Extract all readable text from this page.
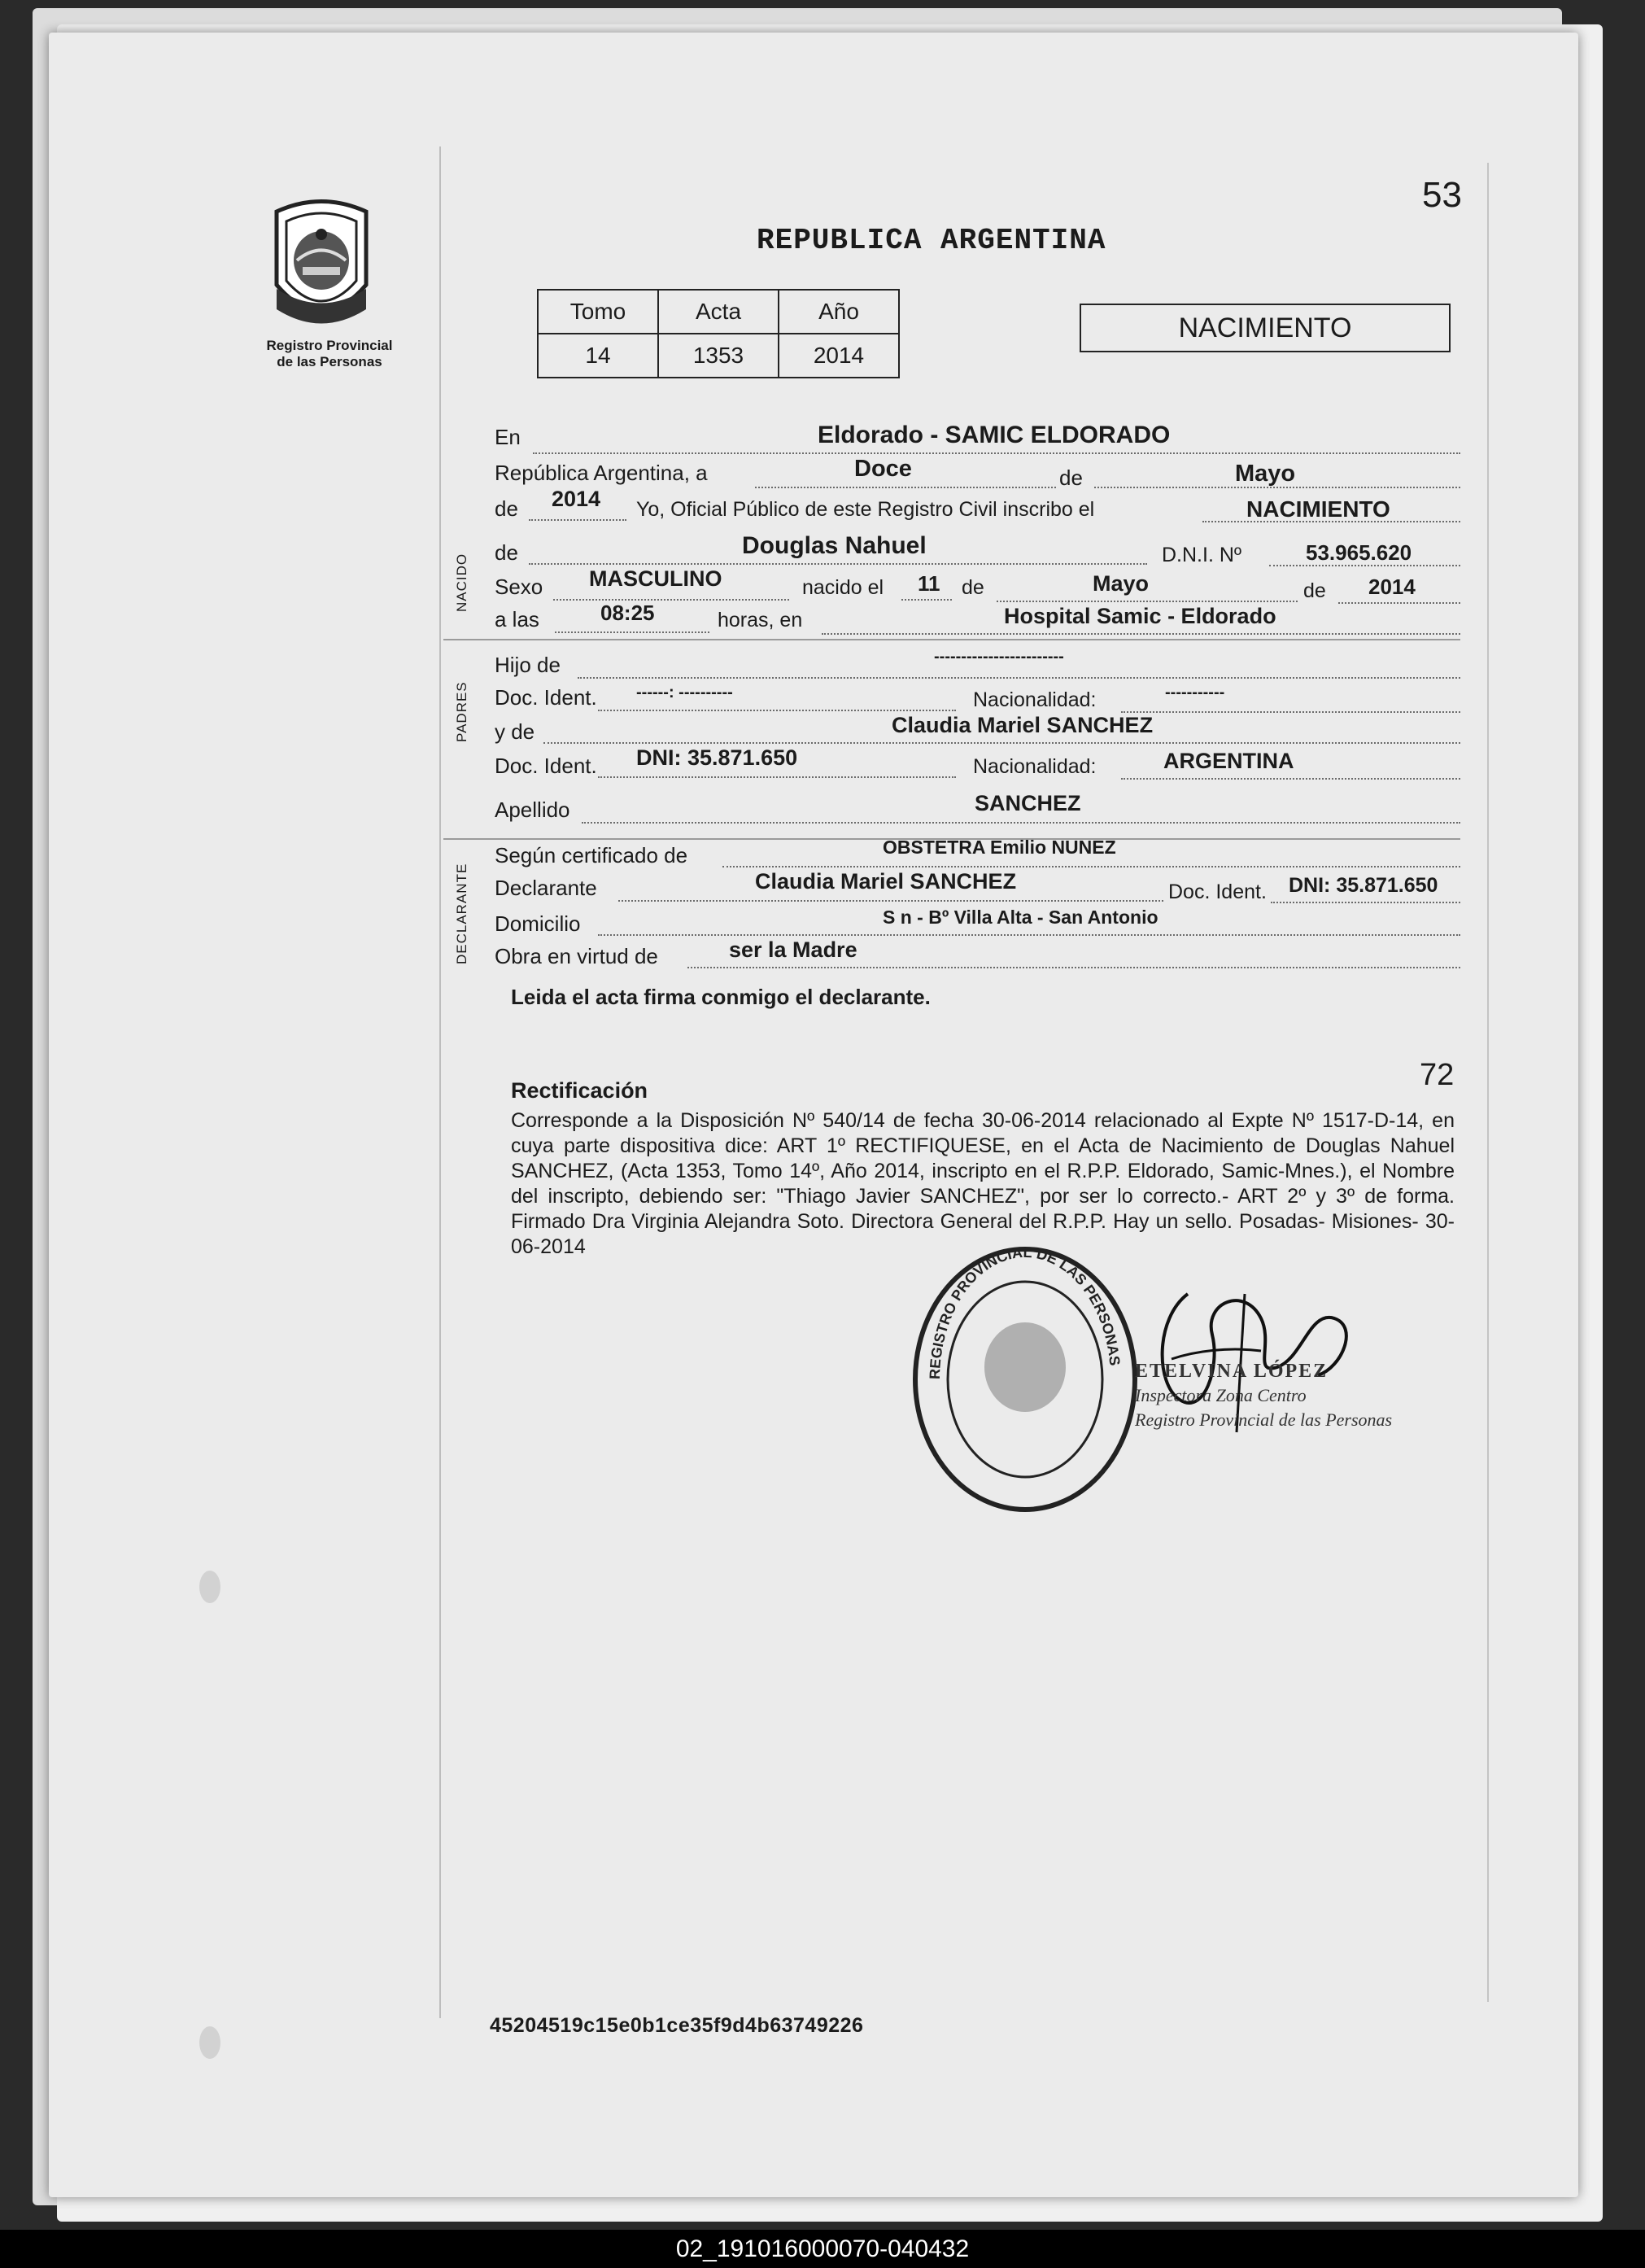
Registro Provincial
de las Personas
53
REPUBLICA ARGENTINA
Tomo	Acta	Año
14	1353	2014
NACIMIENTO
NACIDO
PADRES
DECLARANTE
En	Eldorado - SAMIC ELDORADO
República Argentina, a	Doce	de	Mayo
de 2014 Yo, Oficial Público de este Registro Civil inscribo el	NACIMIENTO
de	Douglas Nahuel	D.N.I. Nº	53.965.620
Sexo MASCULINO	nacido el 11 de	Mayo	de 2014
a las	08:25	horas, en	Hospital Samic - Eldorado
Hijo de	------------------------
Doc. Ident. ------: ----------	Nacionalidad:	-----------
y de	Claudia Mariel SANCHEZ
Doc. Ident. DNI: 35.871.650	Nacionalidad:	ARGENTINA
Apellido	SANCHEZ
Según certificado de	OBSTETRA Emilio NUNEZ
Declarante	Claudia Mariel SANCHEZ	Doc. Ident. DNI: 35.871.650
Domicilio	S n - Bº Villa Alta - San Antonio
Obra en virtud de	ser la Madre
Leida el acta firma conmigo el declarante.
72
Rectificación
Corresponde a la Disposición Nº 540/14 de fecha 30-06-2014 relacionado al Expte Nº 1517-D-14, en cuya parte dispositiva dice: ART 1º RECTIFIQUESE, en el Acta de Nacimiento de Douglas Nahuel SANCHEZ, (Acta 1353, Tomo 14º, Año 2014, inscripto en el R.P.P. Eldorado, Samic-Mnes.), el Nombre del inscripto, debiendo ser: "Thiago Javier SANCHEZ", por ser lo correcto.- ART 2º y 3º de forma. Firmado Dra Virginia Alejandra Soto. Directora General del R.P.P. Hay un sello. Posadas- Misiones- 30-06-2014
REGISTRO PROVINCIAL DE LAS PERSONAS ETELVINA LÓPEZ
Inspectora Zona Centro
Registro Provincial de las Personas
45204519c15e0b1ce35f9d4b63749226
02_191016000070-040432
